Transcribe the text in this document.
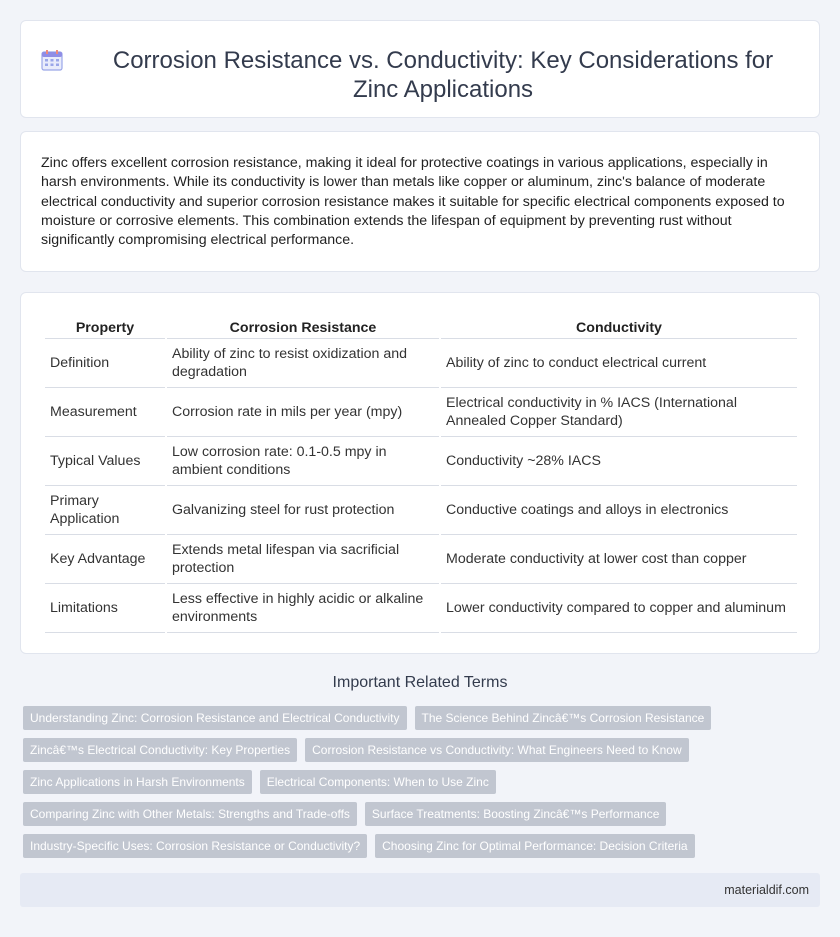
Corrosion Resistance vs. Conductivity: Key Considerations for Zinc Applications

Zinc offers excellent corrosion resistance, making it ideal for protective coatings in various applications, especially in harsh environments. While its conductivity is lower than metals like copper or aluminum, zinc's balance of moderate electrical conductivity and superior corrosion resistance makes it suitable for specific electrical components exposed to moisture or corrosive elements. This combination extends the lifespan of equipment by preventing rust without significantly compromising electrical performance.

Property	Corrosion Resistance	Conductivity
Definition	Ability of zinc to resist oxidization and degradation	Ability of zinc to conduct electrical current
Measurement	Corrosion rate in mils per year (mpy)	Electrical conductivity in % IACS (International Annealed Copper Standard)
Typical Values	Low corrosion rate: 0.1-0.5 mpy in ambient conditions	Conductivity ~28% IACS
Primary Application	Galvanizing steel for rust protection	Conductive coatings and alloys in electronics
Key Advantage	Extends metal lifespan via sacrificial protection	Moderate conductivity at lower cost than copper
Limitations	Less effective in highly acidic or alkaline environments	Lower conductivity compared to copper and aluminum
Important Related Terms
Understanding Zinc: Corrosion Resistance and Electrical Conductivity	The Science Behind Zincâ€™s Corrosion Resistance
Zincâ€™s Electrical Conductivity: Key Properties	Corrosion Resistance vs Conductivity: What Engineers Need to Know
Zinc Applications in Harsh Environments	Electrical Components: When to Use Zinc
Comparing Zinc with Other Metals: Strengths and Trade-offs	Surface Treatments: Boosting Zincâ€™s Performance
Industry-Specific Uses: Corrosion Resistance or Conductivity?	Choosing Zinc for Optimal Performance: Decision Criteria
materialdif.com
